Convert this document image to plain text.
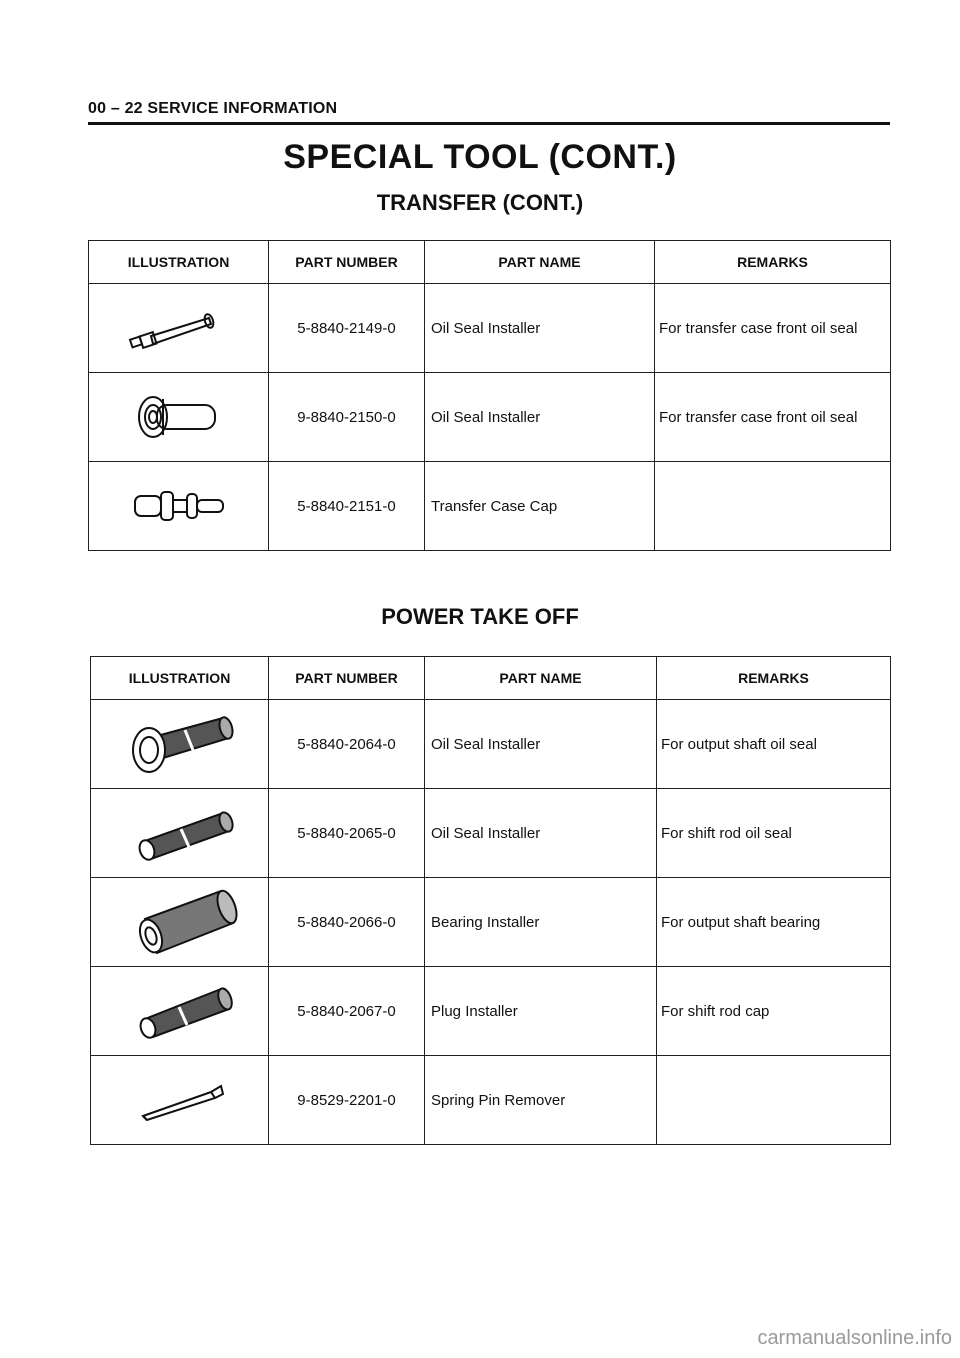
00 – 22 SERVICE INFORMATION
SPECIAL TOOL (CONT.)
TRANSFER (CONT.)
ILLUSTRATION	PART NUMBER	PART NAME	REMARKS

	5-8840-2149-0	Oil Seal Installer	For transfer case front oil seal

	9-8840-2150-0	Oil Seal Installer	For transfer case front oil seal

	5-8840-2151-0	Transfer Case Cap	
POWER TAKE OFF
ILLUSTRATION	PART NUMBER	PART NAME	REMARKS

	5-8840-2064-0	Oil Seal Installer	For output shaft oil seal

	5-8840-2065-0	Oil Seal Installer	For shift rod oil seal

	5-8840-2066-0	Bearing Installer	For output shaft bearing

	5-8840-2067-0	Plug Installer	For shift rod cap

	9-8529-2201-0	Spring Pin Remover	
carmanualsonline.info
